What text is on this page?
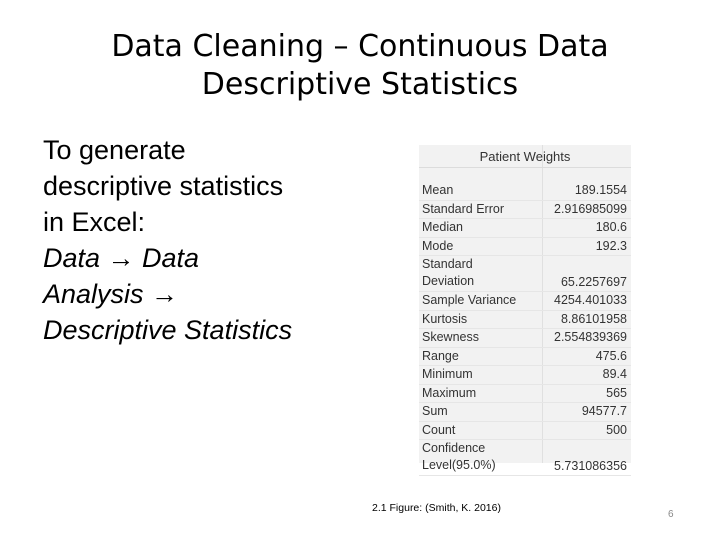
Data Cleaning – Continuous Data
Descriptive Statistics
To generate
descriptive statistics
in Excel:
Data → Data
Analysis →
Descriptive Statistics
Patient Weights
Mean	189.1554
Standard Error	2.916985099
Median	180.6
Mode	192.3
Standard
Deviation	65.2257697
Sample Variance	4254.401033
Kurtosis	8.86101958
Skewness	2.554839369
Range	475.6
Minimum	89.4
Maximum	565
Sum	94577.7
Count	500
Confidence
Level(95.0%)	5.731086356
2.1 Figure: (Smith, K. 2016)
6
